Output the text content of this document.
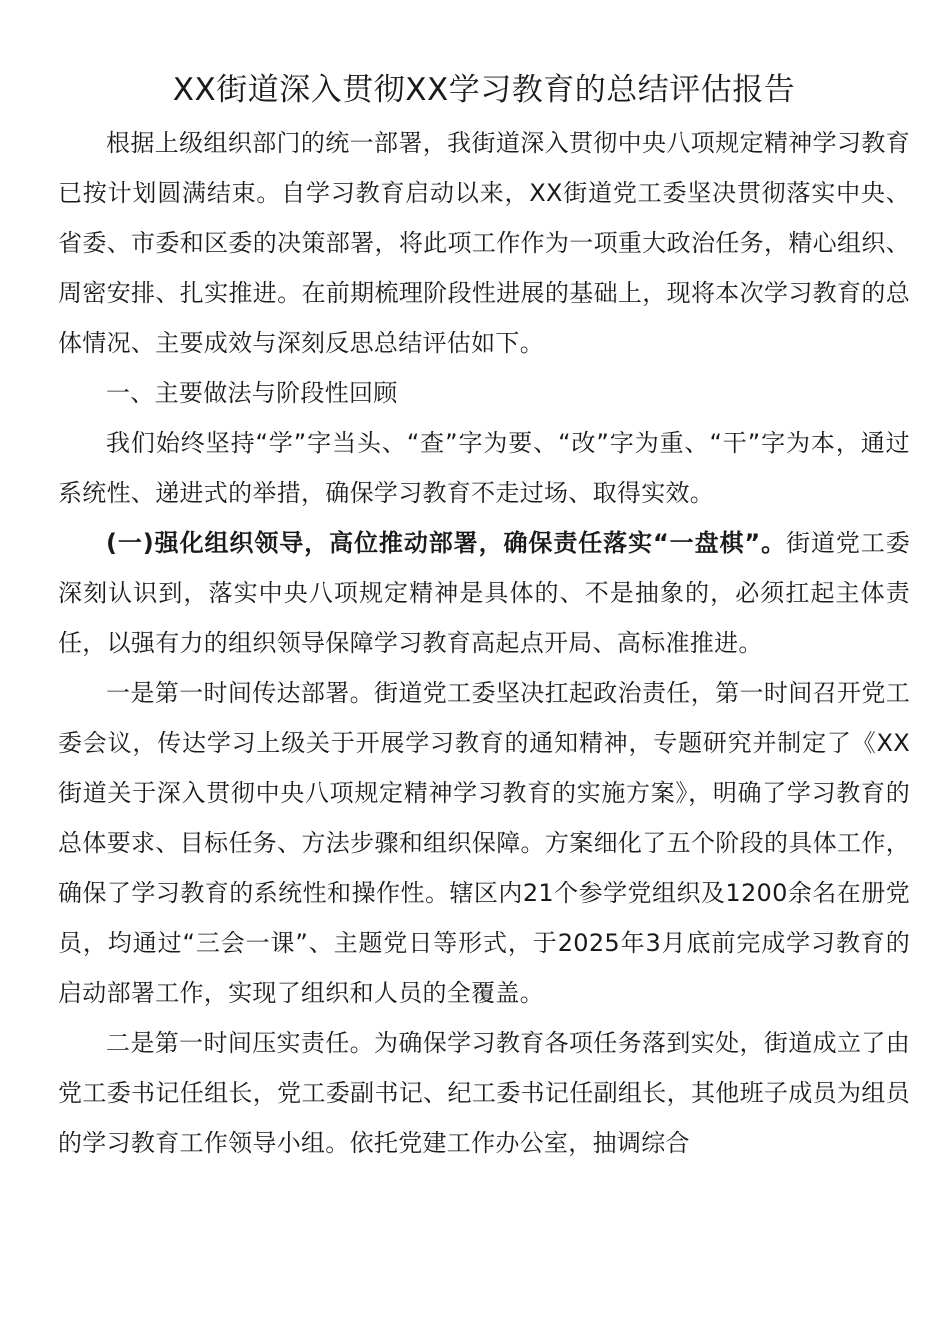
XX街道深入贯彻XX学习教育的总结评估报告

根据上级组织部门的统一部署，我街道深入贯彻中央八项规定精神学习教育已按计划圆满结束。自学习教育启动以来，XX街道党工委坚决贯彻落实中央、省委、市委和区委的决策部署，将此项工作作为一项重大政治任务，精心组织、周密安排、扎实推进。在前期梳理阶段性进展的基础上，现将本次学习教育的总体情况、主要成效与深刻反思总结评估如下。

一、主要做法与阶段性回顾

我们始终坚持“学”字当头、“查”字为要、“改”字为重、“干”字为本，通过系统性、递进式的举措，确保学习教育不走过场、取得实效。

(一)强化组织领导，高位推动部署，确保责任落实“一盘棋”。街道党工委深刻认识到，落实中央八项规定精神是具体的、不是抽象的，必须扛起主体责任，以强有力的组织领导保障学习教育高起点开局、高标准推进。

一是第一时间传达部署。街道党工委坚决扛起政治责任，第一时间召开党工委会议，传达学习上级关于开展学习教育的通知精神，专题研究并制定了《XX街道关于深入贯彻中央八项规定精神学习教育的实施方案》，明确了学习教育的总体要求、目标任务、方法步骤和组织保障。方案细化了五个阶段的具体工作，确保了学习教育的系统性和操作性。辖区内21个参学党组织及1200余名在册党员，均通过“三会一课”、主题党日等形式，于2025年3月底前完成学习教育的启动部署工作，实现了组织和人员的全覆盖。

二是第一时间压实责任。为确保学习教育各项任务落到实处，街道成立了由党工委书记任组长，党工委副书记、纪工委书记任副组长，其他班子成员为组员的学习教育工作领导小组。依托党建工作办公室，抽调综合
